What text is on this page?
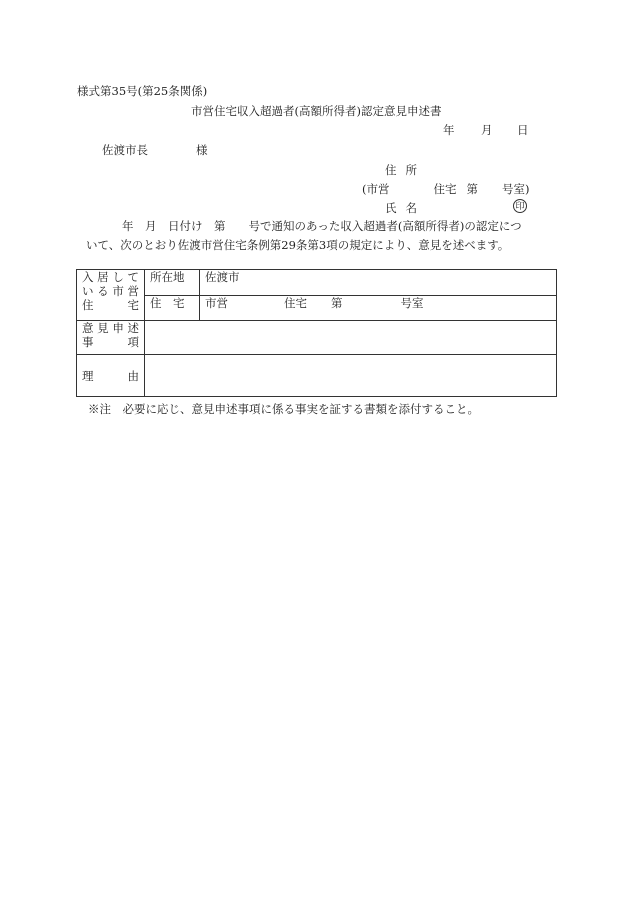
様式第35号(第25条関係)
市営住宅収入超過者(高額所得者)認定意見申述書
年 月 日
佐渡市長	様
住 所
(市営	住宅 第 号室)
氏 名	印
年　月　日付け　第　　号で通知のあった収入超過者(高額所得者)の認定につ
いて、次のとおり佐渡市営住宅条例第29条第3項の規定により、意見を述べます。
入居している市営住宅	所在地	佐渡市
	住　宅	市営 住宅 第 号室
意見申述事項		
理　　由		
※注　必要に応じ、意見申述事項に係る事実を証する書類を添付すること。
